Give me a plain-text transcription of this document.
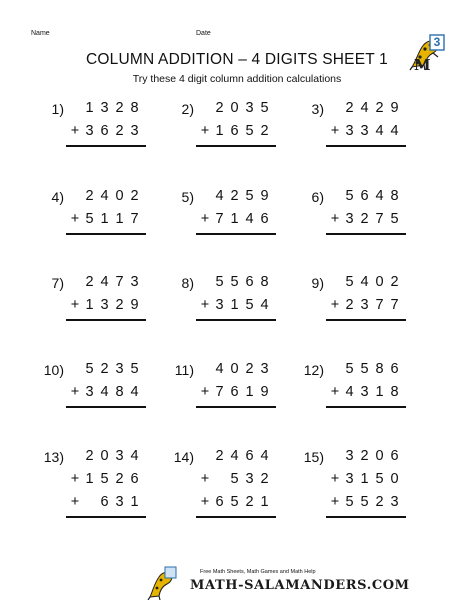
Name	Date
COLUMN ADDITION – 4 DIGITS SHEET 1
Try these 4 digit column addition calculations
M
3
1) 1 3 2 8
+ 3 6 2 3
2) 2 0 3 5
+ 1 6 5 2
3) 2 4 2 9
+ 3 3 4 4
4) 2 4 0 2
+ 5 1 1 7
5) 4 2 5 9
+ 7 1 4 6
6) 5 6 4 8
+ 3 2 7 5
7) 2 4 7 3
+ 1 3 2 9
8) 5 5 6 8
+ 3 1 5 4
9) 5 4 0 2
+ 2 3 7 7
10) 5 2 3 5
+ 3 4 8 4
11) 4 0 2 3
+ 7 6 1 9
12) 5 5 8 6
+ 4 3 1 8
13) 2 0 3 4
+ 1 5 2 6
+ 6 3 1
14) 2 4 6 4
+ 5 3 2
+ 6 5 2 1
15) 3 2 0 6
+ 3 1 5 0
+ 5 5 2 3
Free Math Sheets, Math Games and Math Help
MATH-SALAMANDERS.COM
